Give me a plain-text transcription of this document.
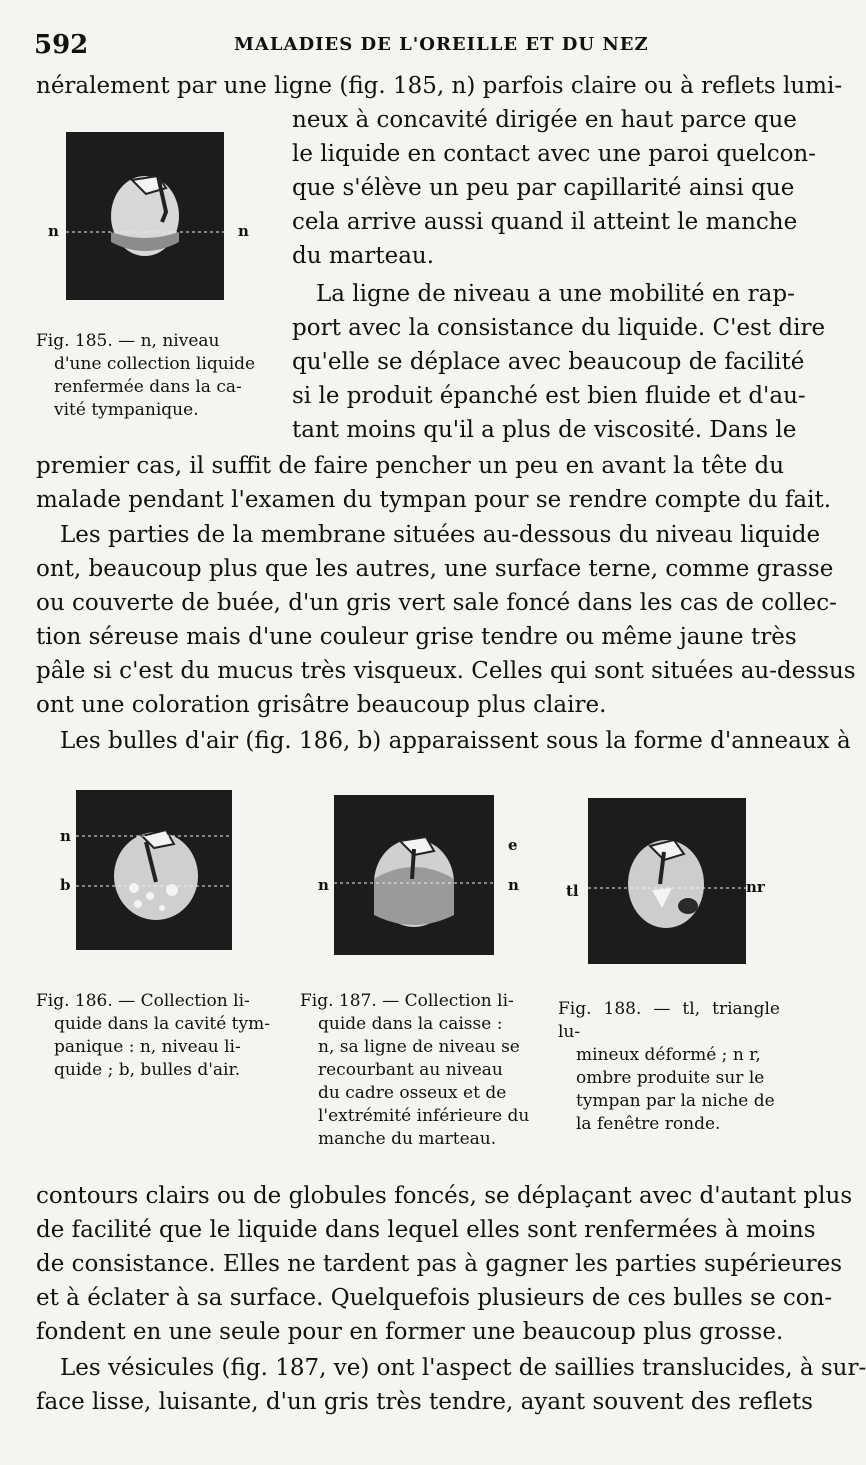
592	MALADIES DE L'OREILLE ET DU NEZ
néralement par une ligne (fig. 185, n) parfois claire ou à reflets lumi-
neux à concavité dirigée en haut parce que
le liquide en contact avec une paroi quelcon-
que s'élève un peu par capillarité ainsi que
cela arrive aussi quand il atteint le manche
du marteau.
La ligne de niveau a une mobilité en rap-
port avec la consistance du liquide. C'est dire
qu'elle se déplace avec beaucoup de facilité
si le produit épanché est bien fluide et d'au-
tant moins qu'il a plus de viscosité. Dans le
premier cas, il suffit de faire pencher un peu en avant la tête du
malade pendant l'examen du tympan pour se rendre compte du fait.
Les parties de la membrane situées au-dessous du niveau liquide
ont, beaucoup plus que les autres, une surface terne, comme grasse
ou couverte de buée, d'un gris vert sale foncé dans les cas de collec-
tion séreuse mais d'une couleur grise tendre ou même jaune très
pâle si c'est du mucus très visqueux. Celles qui sont situées au-dessus
ont une coloration grisâtre beaucoup plus claire.
Les bulles d'air (fig. 186, b) apparaissent sous la forme d'anneaux à
n	n
Fig. 185. — n, niveau
d'une collection liquide
renfermée dans la ca-
vité tympanique.
n
b
Fig. 186. — Collection li-
quide dans la cavité tym-
panique : n, niveau li-
quide ; b, bulles d'air.
e
n	n
Fig. 187. — Collection li-
quide dans la caisse :
n, sa ligne de niveau se
recourbant au niveau
du cadre osseux et de
l'extrémité inférieure du
manche du marteau.
tl	nr
Fig. 188. — tl, triangle lu-
mineux déformé ; n r,
ombre produite sur le
tympan par la niche de
la fenêtre ronde.
contours clairs ou de globules foncés, se déplaçant avec d'autant plus
de facilité que le liquide dans lequel elles sont renfermées à moins
de consistance. Elles ne tardent pas à gagner les parties supérieures
et à éclater à sa surface. Quelquefois plusieurs de ces bulles se con-
fondent en une seule pour en former une beaucoup plus grosse.
Les vésicules (fig. 187, ve) ont l'aspect de saillies translucides, à sur-
face lisse, luisante, d'un gris très tendre, ayant souvent des reflets
